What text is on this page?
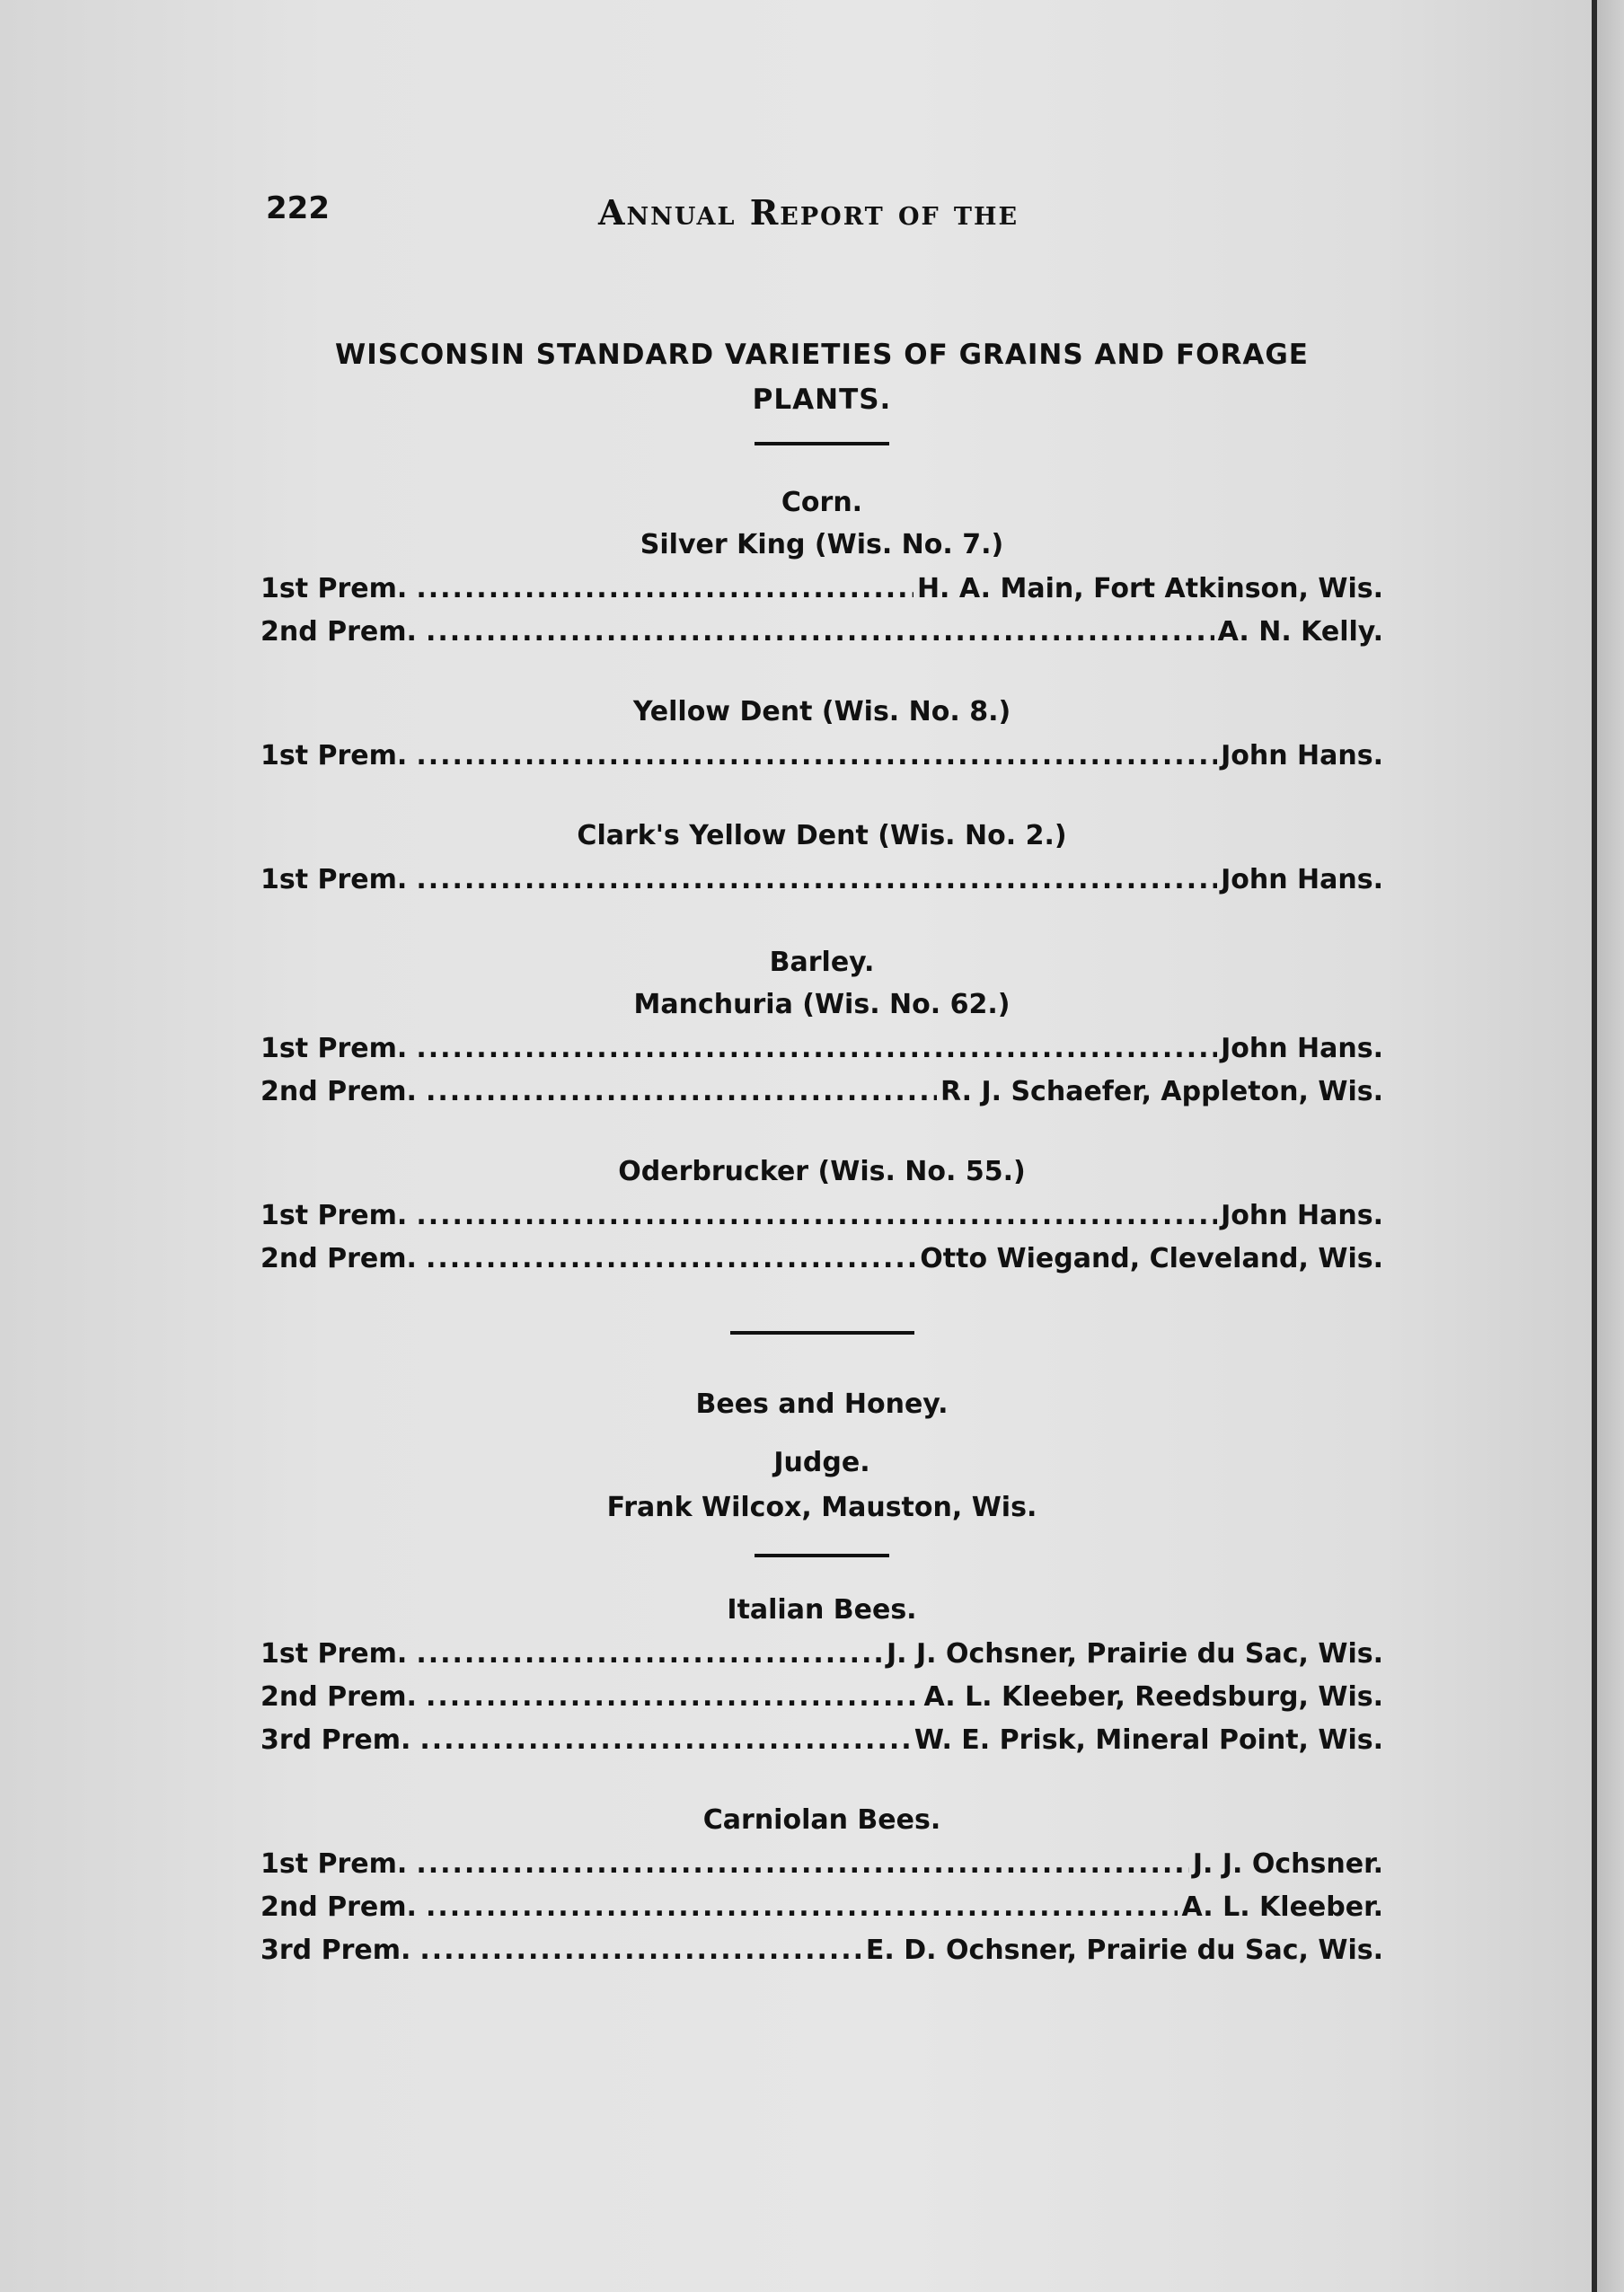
222	Annual Report of the

WISCONSIN STANDARD VARIETIES OF GRAINS AND FORAGE

PLANTS.

Corn.
Silver King (Wis. No. 7.)
1st Prem. .....	H. A. Main, Fort Atkinson, Wis.
2nd Prem. .....	A. N. Kelly.
Yellow Dent (Wis. No. 8.)
1st Prem. .....	John Hans.
Clark's Yellow Dent (Wis. No. 2.)
1st Prem. .....	John Hans.
Barley.
Manchuria (Wis. No. 62.)
1st Prem. .....	John Hans.
2nd Prem. .....	R. J. Schaefer, Appleton, Wis.
Oderbrucker (Wis. No. 55.)
1st Prem. .....	John Hans.
2nd Prem. .....	Otto Wiegand, Cleveland, Wis.
Bees and Honey.
Judge.
Frank Wilcox, Mauston, Wis.
Italian Bees.
1st Prem. .....	J. J. Ochsner, Prairie du Sac, Wis.
2nd Prem. .....	A. L. Kleeber, Reedsburg, Wis.
3rd Prem. .....	W. E. Prisk, Mineral Point, Wis.
Carniolan Bees.
1st Prem. .....	J. J. Ochsner.
2nd Prem. .....	A. L. Kleeber.
3rd Prem. .....	E. D. Ochsner, Prairie du Sac, Wis.
